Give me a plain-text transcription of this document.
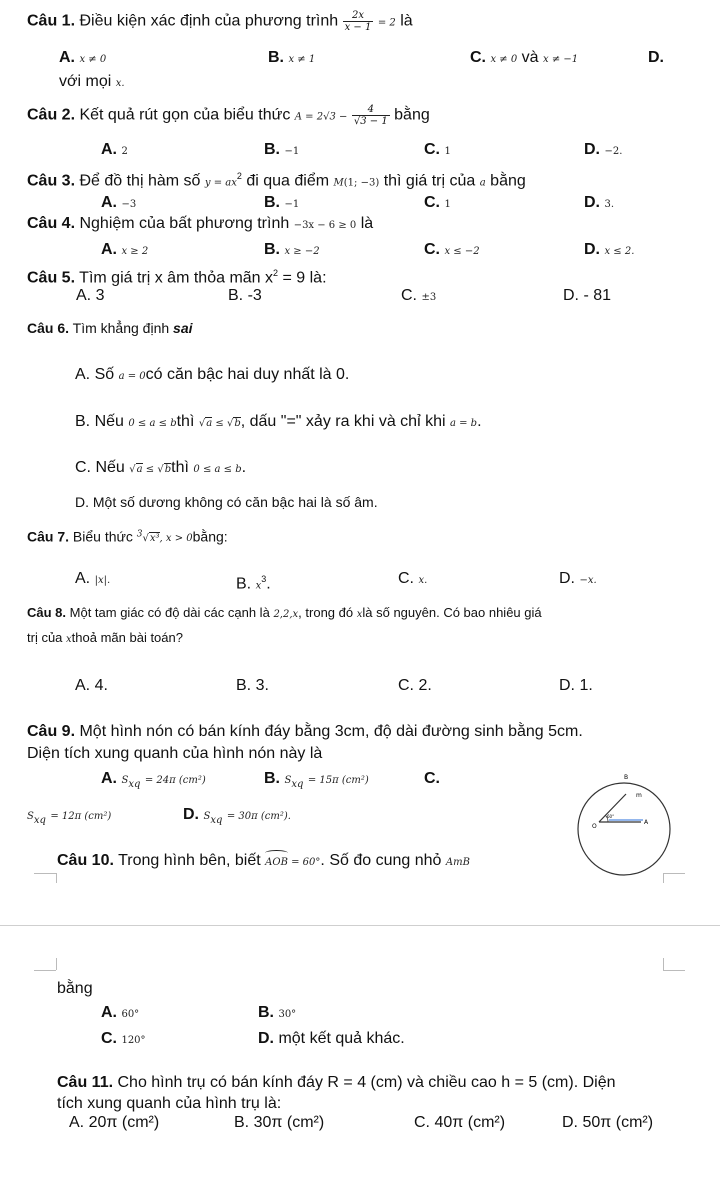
Câu 1. Điều kiện xác định của phương trình $\frac{2x}{x - 1} = 2$ là
A. x ≠ 0	B. x ≠ 1	C. x ≠ 0 và x ≠ −1	D.
với mọi x.
Câu 2. Kết quả rút gọn của biểu thức $A = 2√3 - \frac{4}{√3 - 1}$ bằng
A. 2	B. −1	C. 1	D. −2.
Câu 3. Để đồ thị hàm số $y = ax^2$ đi qua điểm M(1; −3) thì giá trị của a bằng
A. −3	B. −1	C. 1	D. 3.
Câu 4. Nghiệm của bất phương trình −3x − 6 ≥ 0 là
A. x ≥ 2	B. x ≥ −2	C. x ≤ −2	D. x ≤ 2.
Câu 5. Tìm giá trị x âm thỏa mãn $x^2 = 9$ là:
A. 3	B. -3	C. ±3	D. - 81
Câu 6. Tìm khẳng định sai
A. Số a = 0có căn bậc hai duy nhất là 0.
B. Nếu 0 ≤ a ≤ bthì √a ≤ √b, dấu "=" xảy ra khi và chỉ khi a = b.
C. Nếu √a ≤ √bthì 0 ≤ a ≤ b.
D. Một số dương không có căn bậc hai là số âm.
Câu 7. Biểu thức $^3$√x³, x > 0bằng:
A. |x|.	B. $x^3$.	C. x.	D. −x.
Câu 8. Một tam giác có độ dài các cạnh là 2,2,x, trong đó xlà số nguyên. Có bao nhiêu giá
trị của xthoả mãn bài toán?
A. 4.	B. 3.	C. 2.	D. 1.
Câu 9. Một hình nón có bán kính đáy bằng 3cm, độ dài đường sinh bằng 5cm.
Diện tích xung quanh của hình nón này là
A. $S_{xq} = 24\pi$ (cm²)	B. $S_{xq} = 15\pi$ (cm²)	C.
$S_{xq} = 12\pi$ (cm²)	D. $S_{xq} = 30\pi$ (cm²).
O
A
B
m
60°
Câu 10. Trong hình bên, biết AOB = 60°. Số đo cung nhỏ AmB
bằng
A. 60°	B. 30°
C. 120°	D. một kết quả khác.
Câu 11. Cho hình trụ có bán kính đáy R = 4 (cm) và chiều cao h = 5 (cm). Diện
tích xung quanh của hình trụ là:
A. 20π (cm²)	B. 30π (cm²)	C. 40π (cm²)	D. 50π (cm²)
